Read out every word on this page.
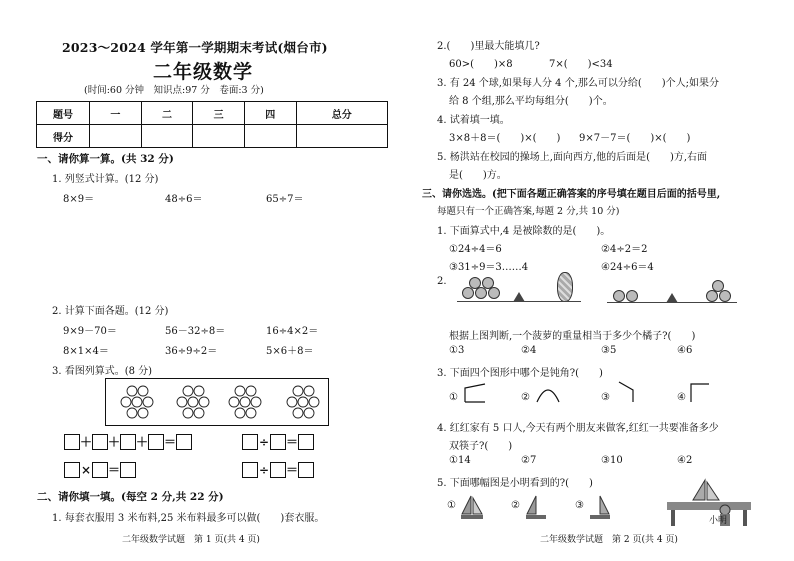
2023～2024 学年第一学期期末考试(烟台市)
二年级数学
(时间:60 分钟　知识点:97 分　卷面:3 分)
题号	一	二	三	四	总分
得分					
一、请你算一算。(共 32 分)
1. 列竖式计算。(12 分)
8×9＝	48÷6＝	65÷7＝
2. 计算下面各题。(12 分)
9×9－70＝	56－32÷8＝	16÷4×2＝
8×1×4＝	36÷9÷2＝	5×6＋8＝
3. 看图列算式。(8 分)
＋ ＋ ＋ ＝	÷ ＝
× ＝	÷ ＝
二、请你填一填。(每空 2 分,共 22 分)
1. 每套衣服用 3 米布料,25 米布料最多可以做(　　)套衣服。
二年级数学试题　第 1 页(共 4 页)
2.(　　)里最大能填几?
60>(　　)×8	7×(　　)<34
3. 有 24 个球,如果每人分 4 个,那么可以分给(　　)个人;如果分
给 8 个组,那么平均每组分(　　)个。
4. 试着填一填。
3×8＋8＝(　　)×(　　) 9×7－7＝(　　)×(　　)
5. 杨洪站在校园的操场上,面向西方,他的后面是(　　)方,右面
是(　　)方。
三、请你选选。(把下面各题正确答案的序号填在题目后面的括号里,
每题只有一个正确答案,每题 2 分,共 10 分)
1. 下面算式中,4 是被除数的是(　　)。
①24÷4＝6	②4÷2＝2
③31÷9＝3……4	④24÷6＝4
2.
根据上图判断,一个菠萝的重量相当于多少个橘子?(　　)
①3	②4	③5	④6
3. 下面四个图形中哪个是钝角?(　　)
①	②	③	④
4. 红红家有 5 口人,今天有两个朋友来做客,红红一共要准备多少
双筷子?(　　)
①14	②7	③10	④2
5. 下面哪幅图是小明看到的?(　　)
①	②	③
小明
二年级数学试题　第 2 页(共 4 页)
